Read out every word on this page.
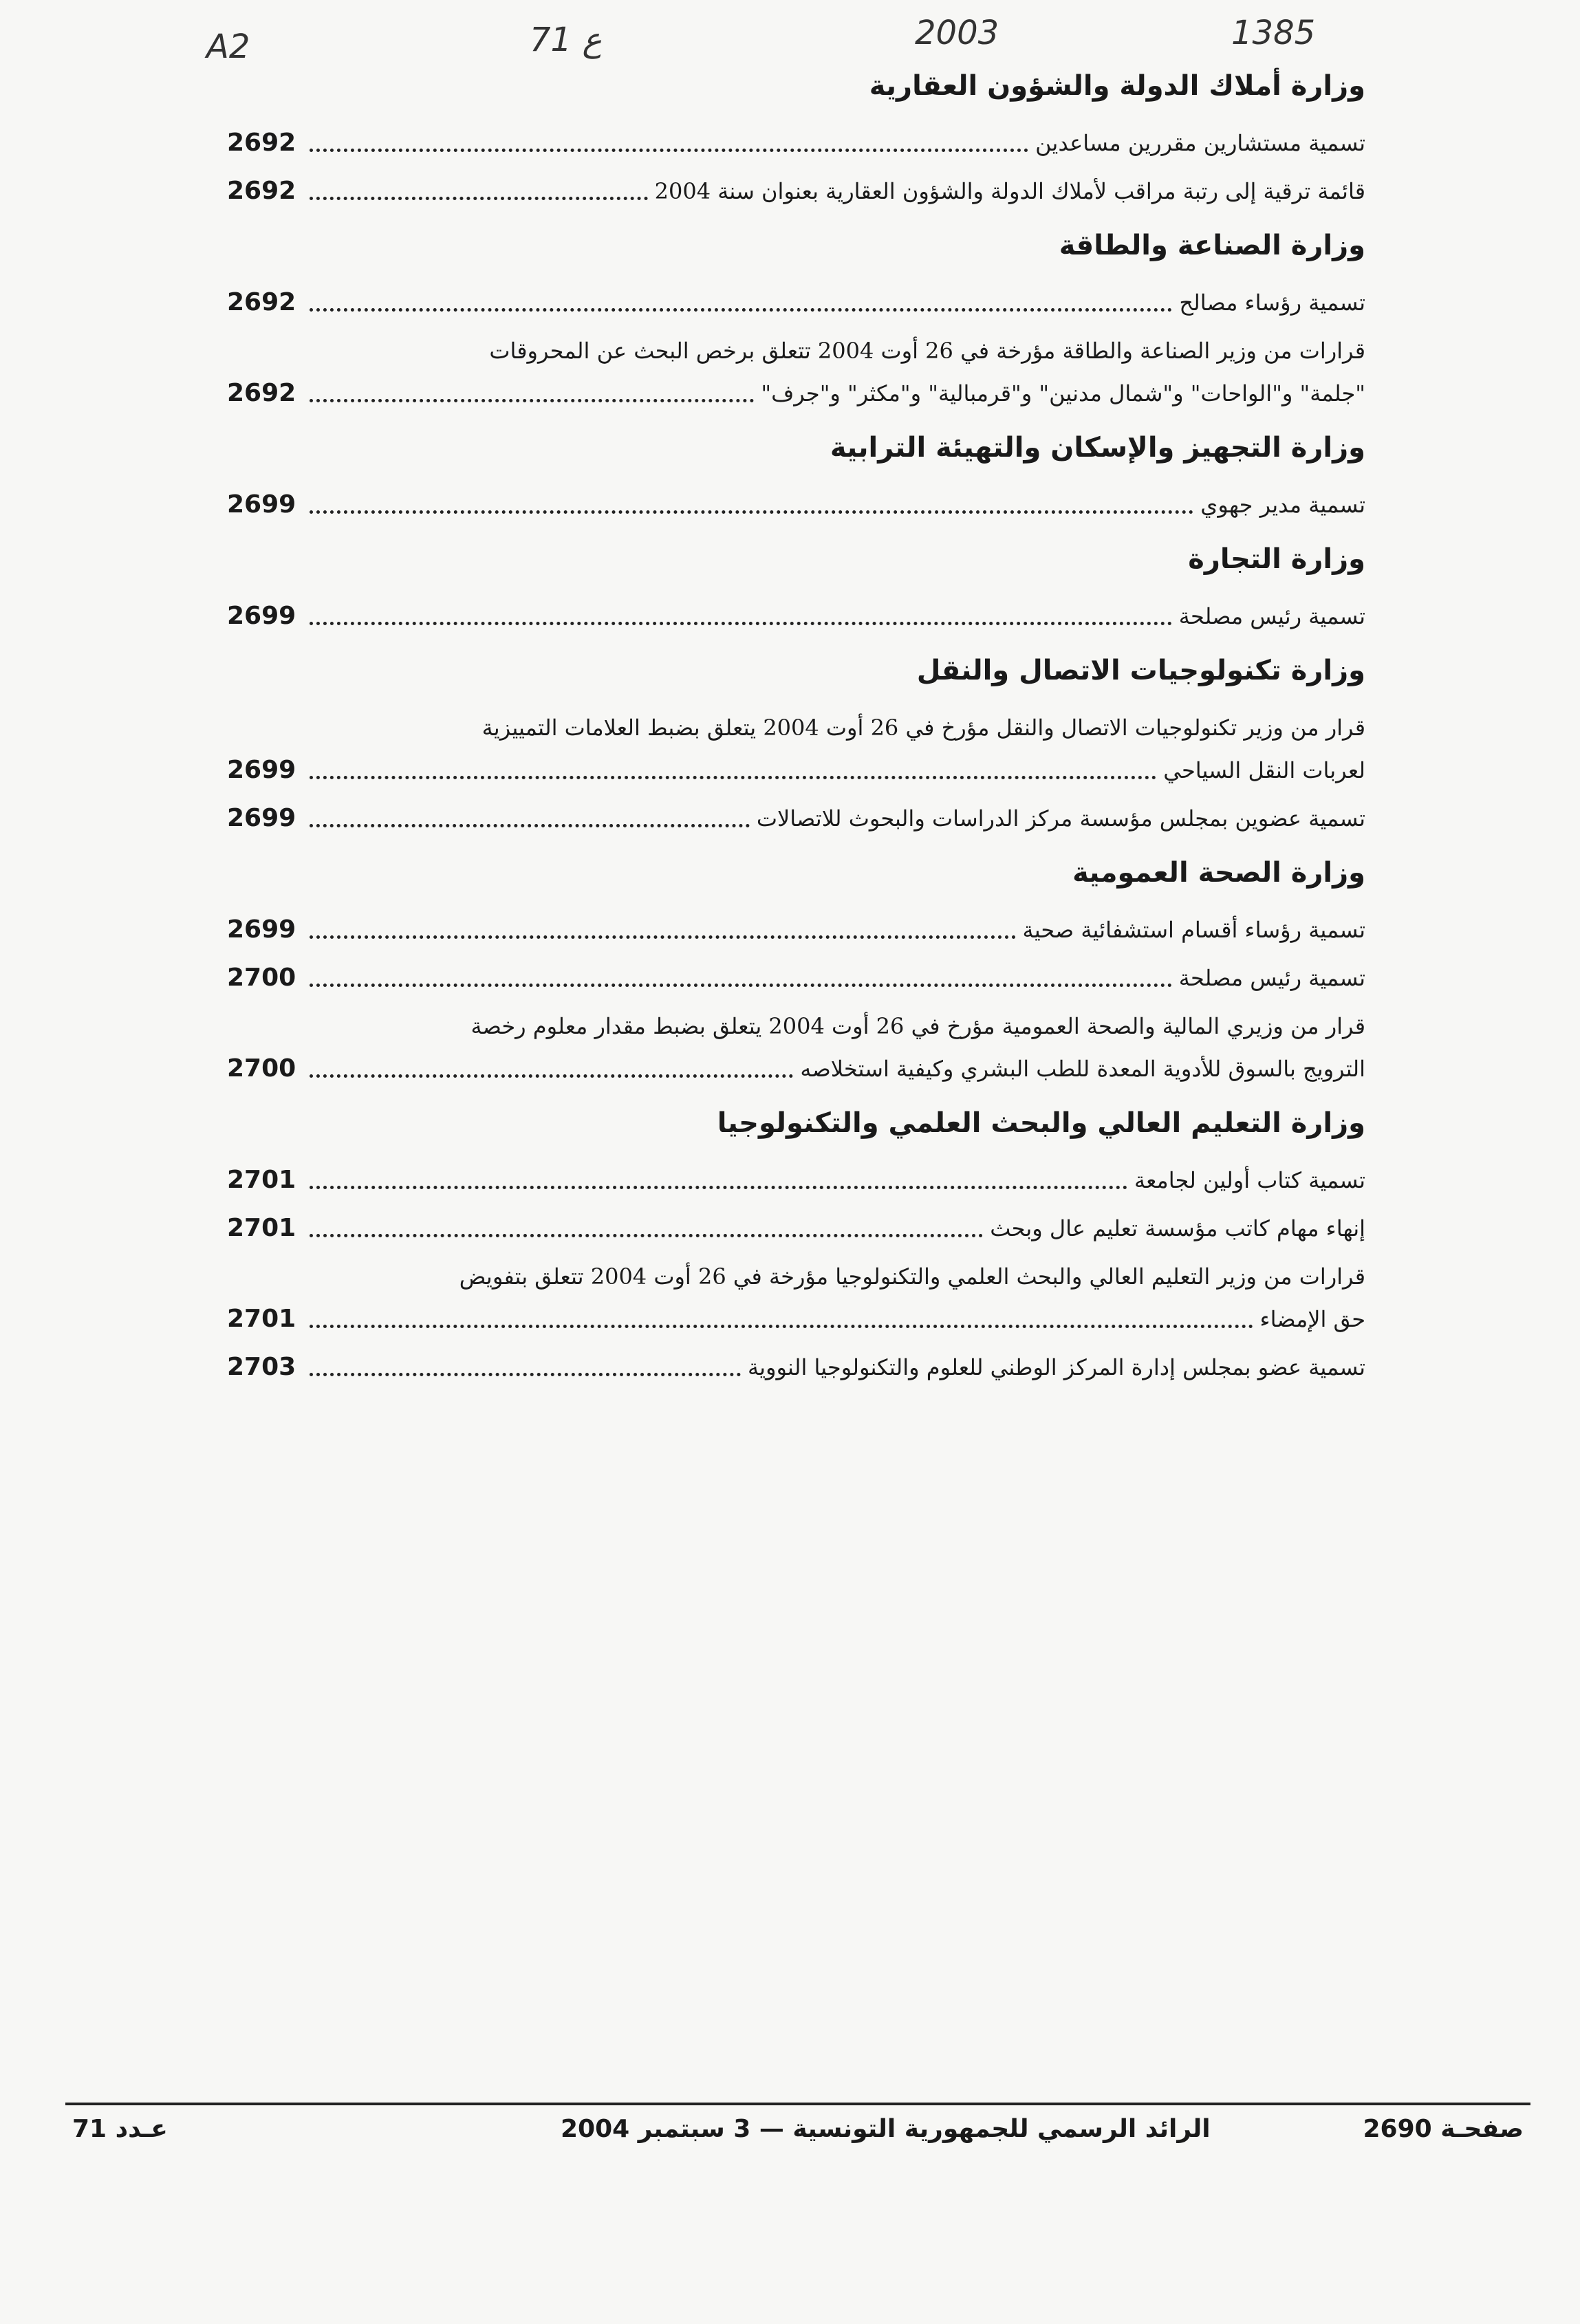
A2	71 ع	2003	1385
وزارة أملاك الدولة والشؤون العقارية
تسمية مستشارين مقررين مساعدين
2692
قائمة ترقية إلى رتبة مراقب لأملاك الدولة والشؤون العقارية بعنوان سنة 2004
2692
وزارة الصناعة والطاقة
تسمية رؤساء مصالح
2692
قرارات من وزير الصناعة والطاقة مؤرخة في 26 أوت 2004 تتعلق برخص البحث عن المحروقات
"جلمة" و"الواحات" و"شمال مدنين" و"قرمبالية" و"مكثر" و"جرف"
2692
وزارة التجهيز والإسكان والتهيئة الترابية
تسمية مدير جهوي
2699
وزارة التجارة
تسمية رئيس مصلحة
2699
وزارة تكنولوجيات الاتصال والنقل
قرار من وزير تكنولوجيات الاتصال والنقل مؤرخ في 26 أوت 2004 يتعلق بضبط العلامات التمييزية
لعربات النقل السياحي
2699
تسمية عضوين بمجلس مؤسسة مركز الدراسات والبحوث للاتصالات
2699
وزارة الصحة العمومية
تسمية رؤساء أقسام استشفائية صحية
2699
تسمية رئيس مصلحة
2700
قرار من وزيري المالية والصحة العمومية مؤرخ في 26 أوت 2004 يتعلق بضبط مقدار معلوم رخصة
الترويج بالسوق للأدوية المعدة للطب البشري وكيفية استخلاصه
2700
وزارة التعليم العالي والبحث العلمي والتكنولوجيا
تسمية كتاب أولين لجامعة
2701
إنهاء مهام كاتب مؤسسة تعليم عال وبحث
2701
قرارات من وزير التعليم العالي والبحث العلمي والتكنولوجيا مؤرخة في 26 أوت 2004 تتعلق بتفويض
حق الإمضاء
2701
تسمية عضو بمجلس إدارة المركز الوطني للعلوم والتكنولوجيا النووية
2703
صفحـة 2690
الرائد الرسمي للجمهورية التونسية — 3 سبتمبر 2004
عـدد 71
